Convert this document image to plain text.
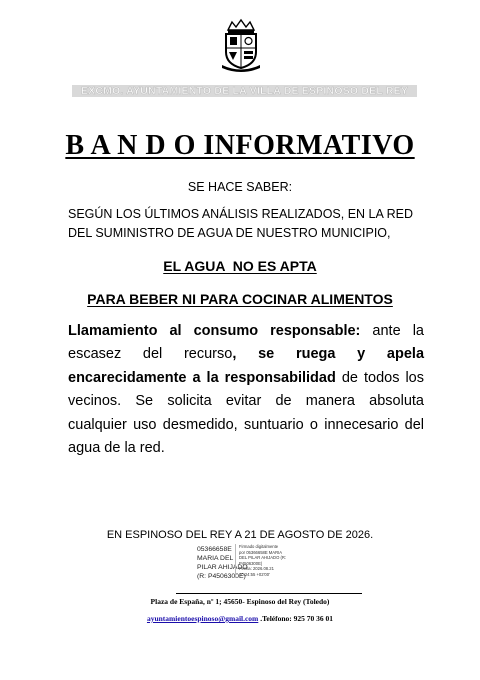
EXCMO. AYUNTAMIENTO DE LA VILLA DE ESPINOSO DEL REY
B A N D O INFORMATIVO
SE HACE SABER:
SEGÚN LOS ÚLTIMOS ANÁLISIS REALIZADOS, EN LA RED DEL SUMINISTRO DE AGUA DE NUESTRO MUNICIPIO,
EL AGUA  NO ES APTA
PARA BEBER NI PARA COCINAR ALIMENTOS
Llamamiento al consumo responsable: ante la escasez del recurso, se ruega y apela encarecidamente a la responsabilidad de todos los vecinos. Se solicita evitar de manera absoluta cualquier uso desmedido, suntuario o innecesario del agua de la red.
EN ESPINOSO DEL REY A 21 DE AGOSTO DE 2026.
05366658E
MARIA DEL
PILAR AHIJADO
(R: P4506300E)
Firmado digitalmente
por 05366658E MARIA
DEL PILAR AHIJADO (R:
P4506300E)
Fecha: 2026.08.21
10:24:55 +02'00'
Plaza de España, nº 1; 45650- Espinoso del Rey (Toledo)
ayuntamientoespinoso@gmail.com .Teléfono: 925 70 36 01
